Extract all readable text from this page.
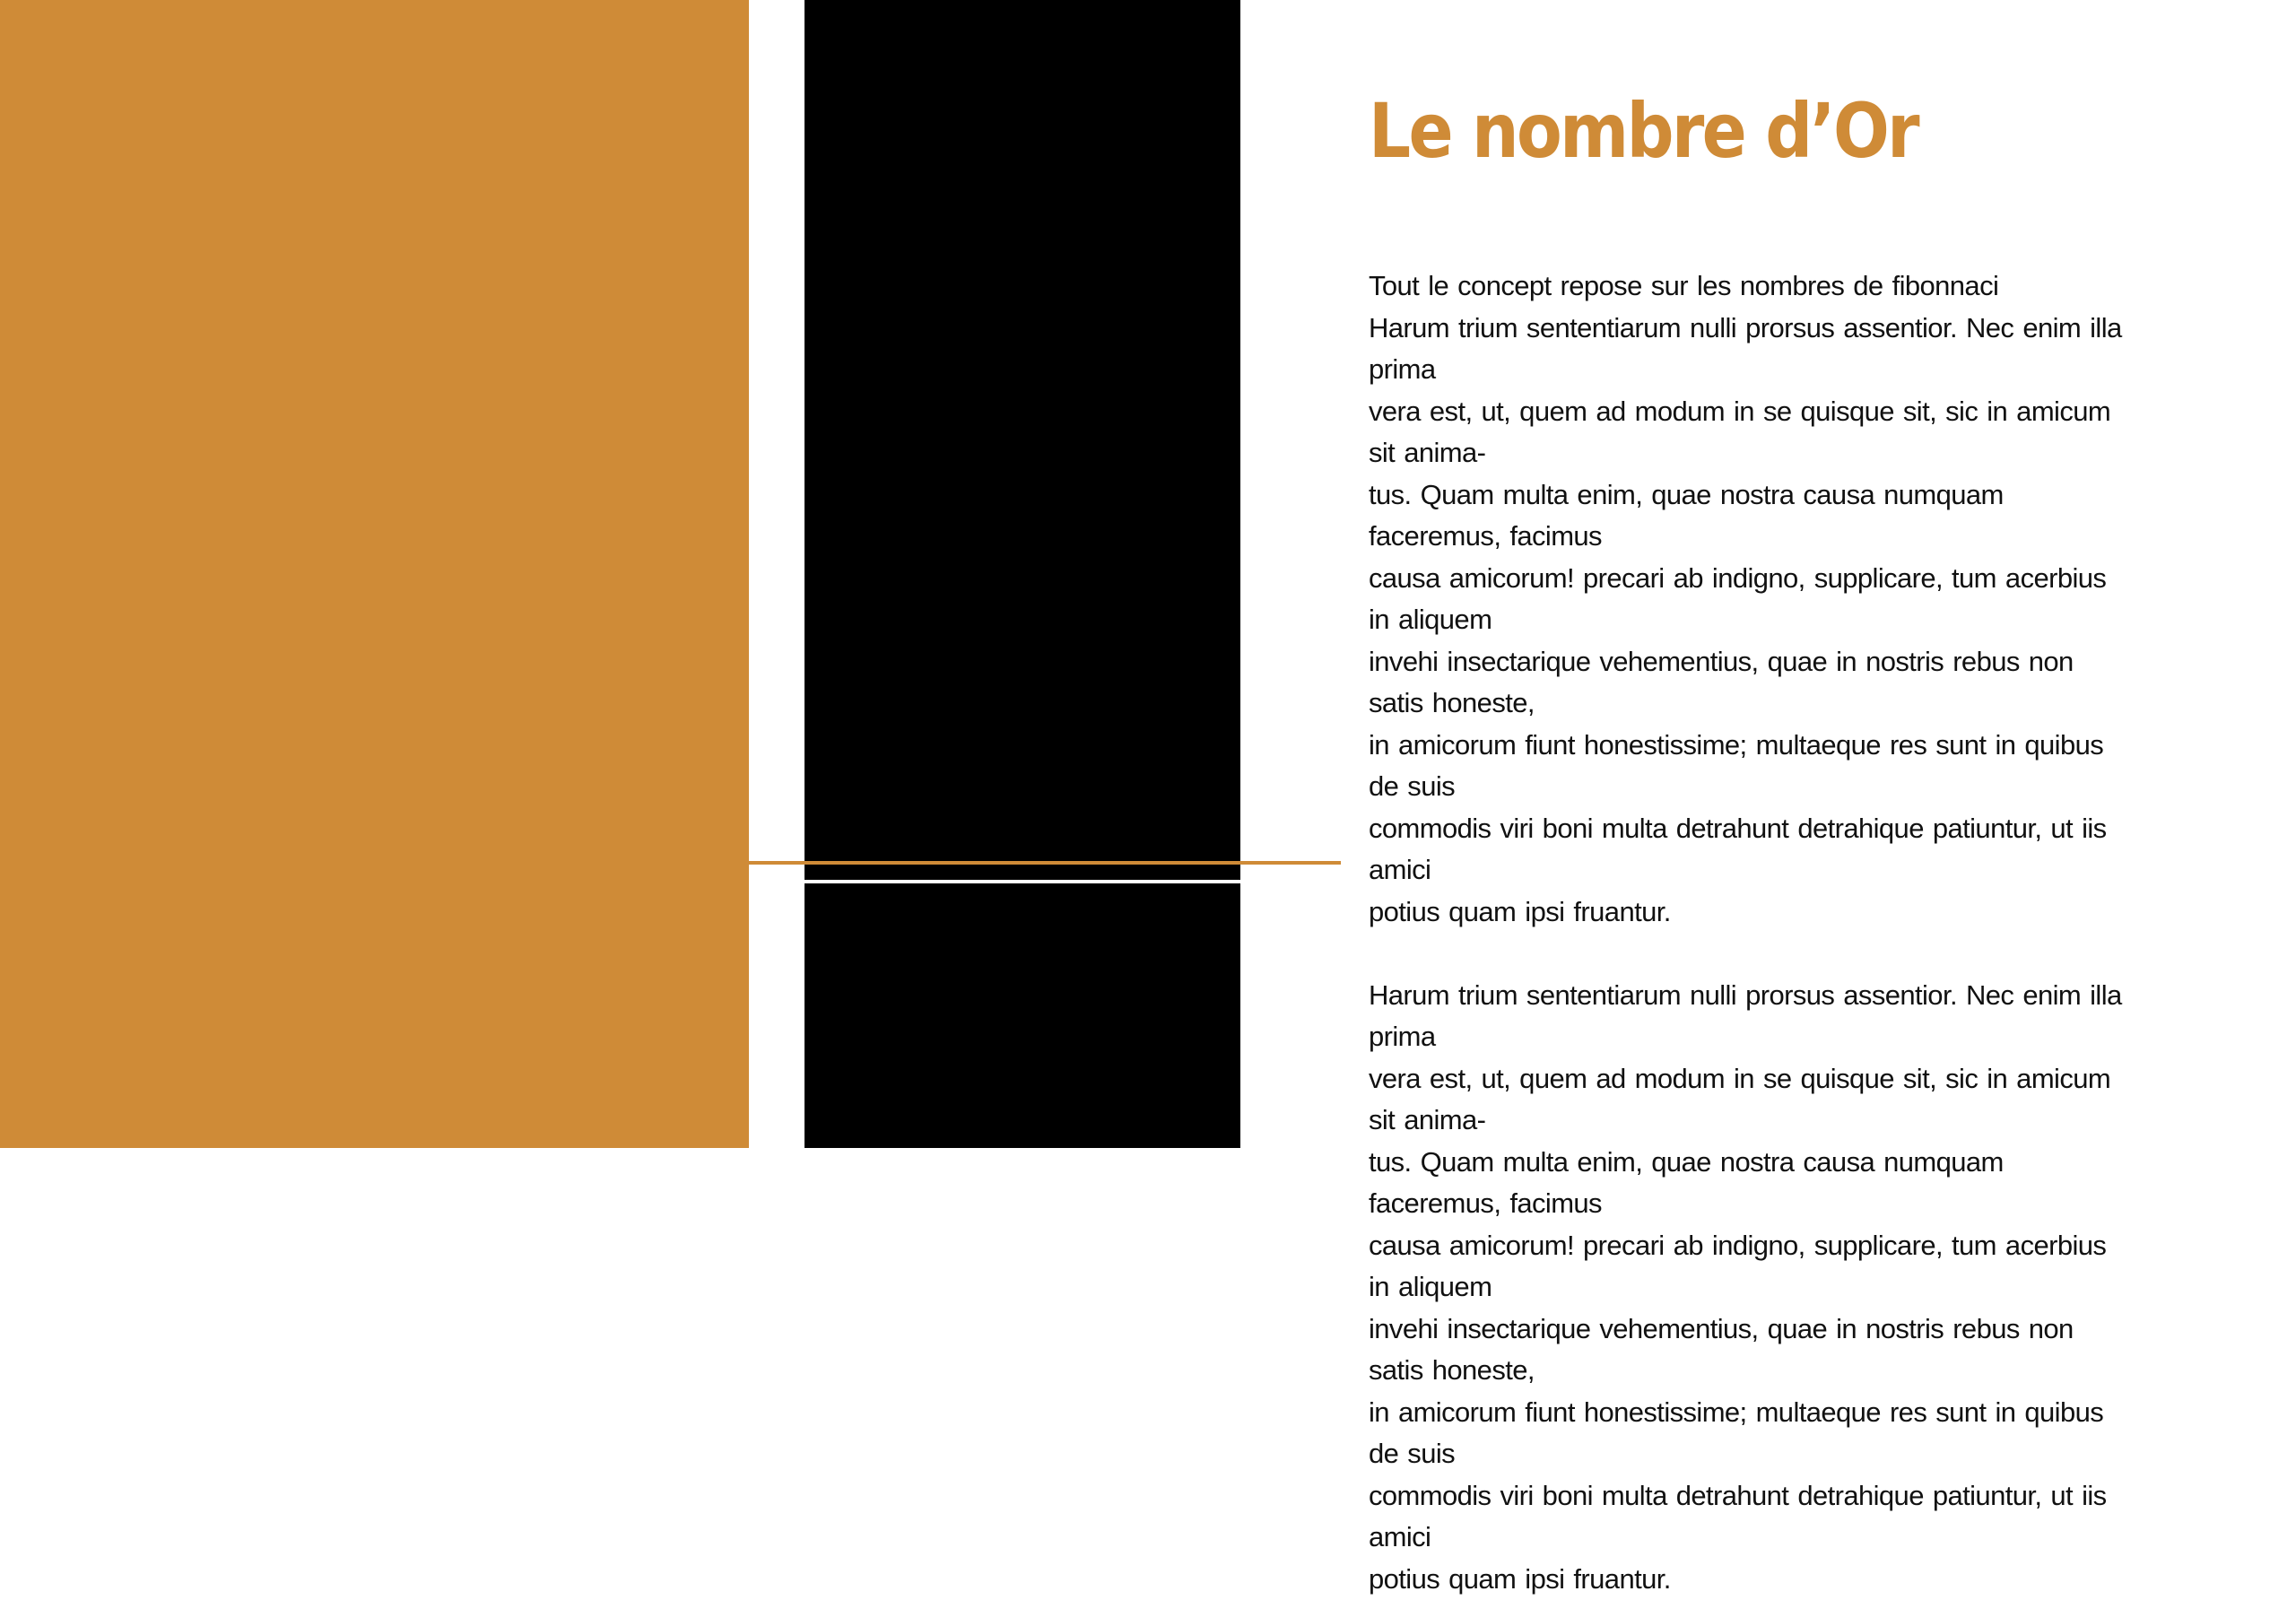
Le nombre d’Or
Tout le concept repose sur les nombres de fibonnaci
Harum trium sententiarum nulli prorsus assentior. Nec enim illa prima
vera est, ut, quem ad modum in se quisque sit, sic in amicum sit anima-
tus. Quam multa enim, quae nostra causa numquam faceremus, facimus
causa amicorum! precari ab indigno, supplicare, tum acerbius in aliquem
invehi insectarique vehementius, quae in nostris rebus non satis honeste,
in amicorum fiunt honestissime; multaeque res sunt in quibus de suis
commodis viri boni multa detrahunt detrahique patiuntur, ut iis amici
potius quam ipsi fruantur.
Harum trium sententiarum nulli prorsus assentior. Nec enim illa prima
vera est, ut, quem ad modum in se quisque sit, sic in amicum sit anima-
tus. Quam multa enim, quae nostra causa numquam faceremus, facimus
causa amicorum! precari ab indigno, supplicare, tum acerbius in aliquem
invehi insectarique vehementius, quae in nostris rebus non satis honeste,
in amicorum fiunt honestissime; multaeque res sunt in quibus de suis
commodis viri boni multa detrahunt detrahique patiuntur, ut iis amici
potius quam ipsi fruantur.
